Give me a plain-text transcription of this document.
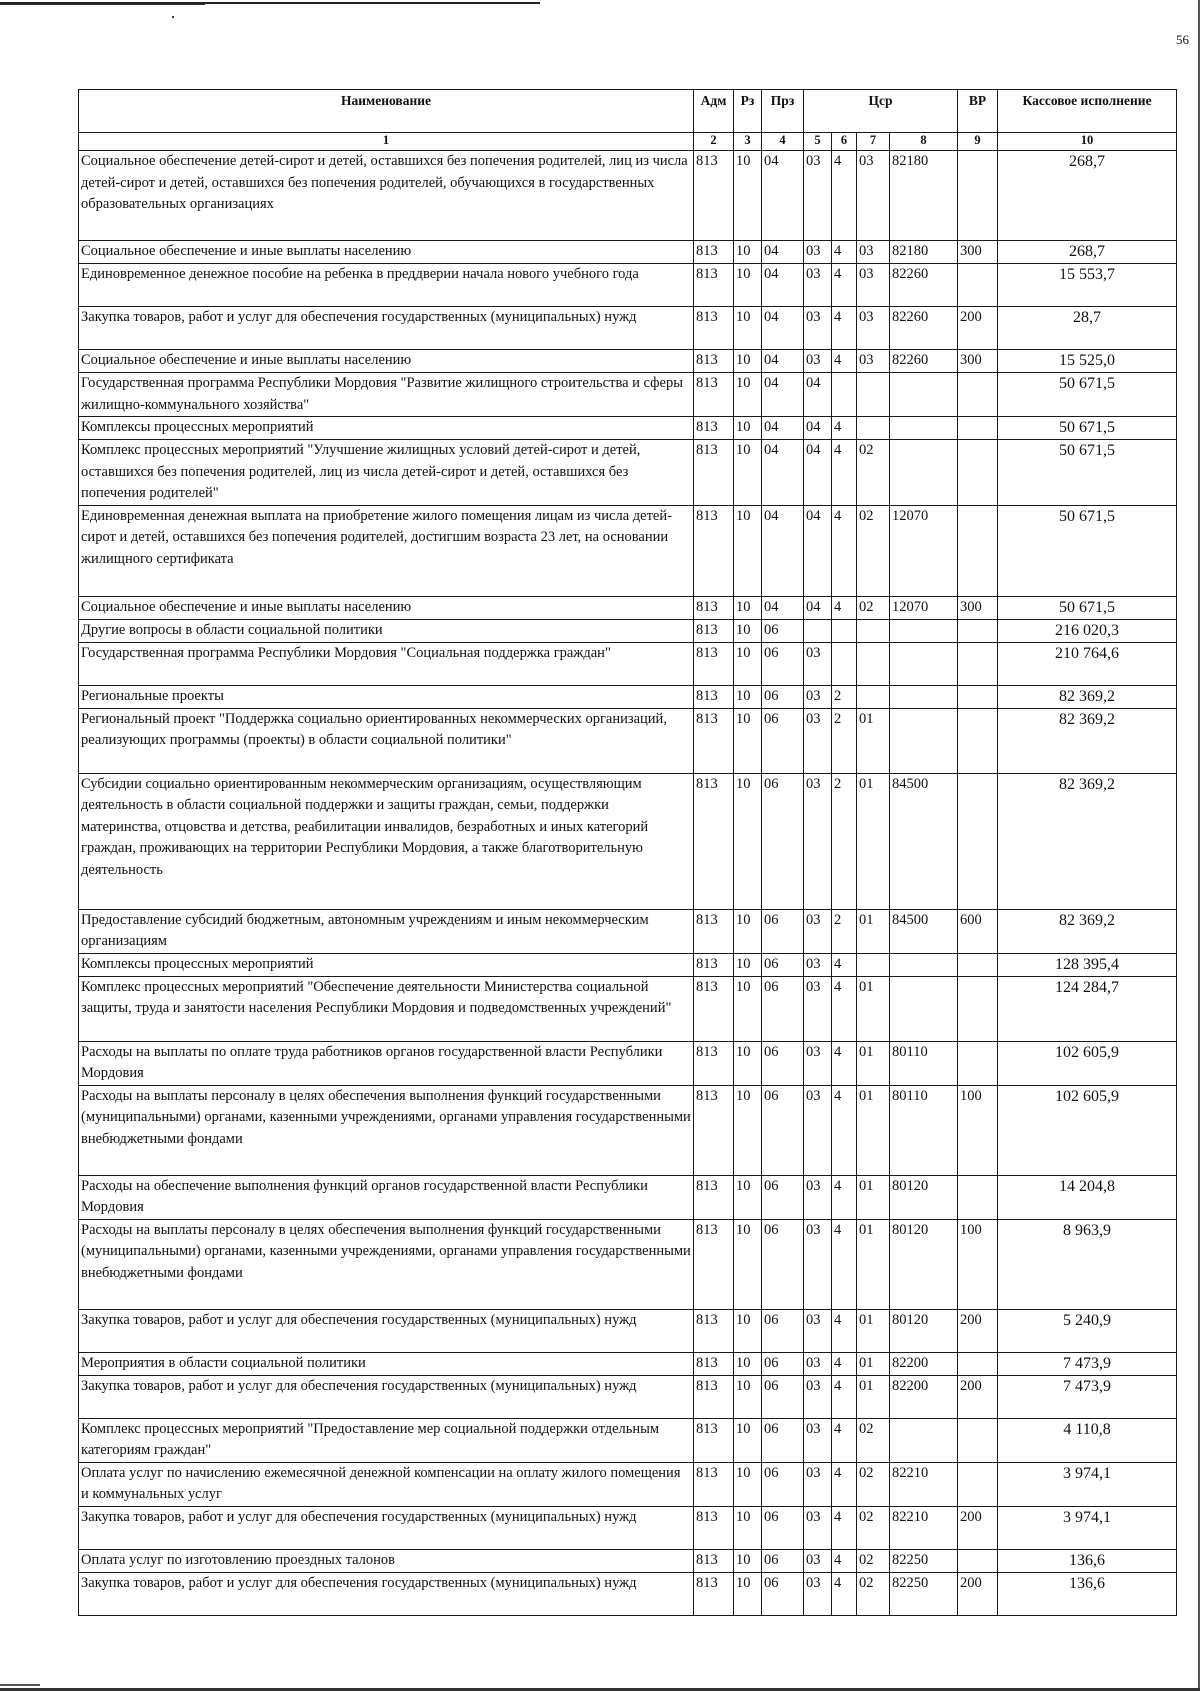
56
Наименование	Адм	Рз	Прз	Цср				ВР	Кассовое исполнение
1	2	3	4	5	6	7	8	9	10
Социальное обеспечение детей-сирот и детей, оставшихся без попечения родителей, лиц из числа детей-сирот и детей, оставшихся без попечения родителей, обучающихся в государственных образовательных организациях	813	10	04	03	4	03	82180		268,7
Социальное обеспечение и иные выплаты населению	813	10	04	03	4	03	82180	300	268,7
Единовременное денежное пособие на ребенка в преддверии начала нового учебного года	813	10	04	03	4	03	82260		15 553,7
Закупка товаров, работ и услуг для обеспечения государственных (муниципальных) нужд	813	10	04	03	4	03	82260	200	28,7
Социальное обеспечение и иные выплаты населению	813	10	04	03	4	03	82260	300	15 525,0
Государственная программа Республики Мордовия "Развитие жилищного строительства и сферы жилищно-коммунального хозяйства"	813	10	04	04					50 671,5
Комплексы процессных мероприятий	813	10	04	04	4				50 671,5
Комплекс процессных мероприятий "Улучшение жилищных условий детей-сирот и детей, оставшихся без попечения родителей, лиц из числа детей-сирот и детей, оставшихся без попечения родителей"	813	10	04	04	4	02			50 671,5
Единовременная денежная выплата на приобретение жилого помещения лицам из числа детей-сирот и детей, оставшихся без попечения родителей, достигшим возраста 23 лет, на основании жилищного сертификата	813	10	04	04	4	02	12070		50 671,5
Социальное обеспечение и иные выплаты населению	813	10	04	04	4	02	12070	300	50 671,5
Другие вопросы в области социальной политики	813	10	06						216 020,3
Государственная программа Республики Мордовия "Социальная поддержка граждан"	813	10	06	03					210 764,6
Региональные проекты	813	10	06	03	2				82 369,2
Региональный проект "Поддержка социально ориентированных некоммерческих организаций, реализующих программы (проекты) в области социальной политики"	813	10	06	03	2	01			82 369,2
Субсидии социально ориентированным некоммерческим организациям, осуществляющим деятельность в области социальной поддержки и защиты граждан, семьи, поддержки материнства, отцовства и детства, реабилитации инвалидов, безработных и иных категорий граждан, проживающих на территории Республики Мордовия, а также благотворительную деятельность	813	10	06	03	2	01	84500		82 369,2
Предоставление субсидий бюджетным, автономным учреждениям и иным некоммерческим организациям	813	10	06	03	2	01	84500	600	82 369,2
Комплексы процессных мероприятий	813	10	06	03	4				128 395,4
Комплекс процессных мероприятий "Обеспечение деятельности Министерства социальной защиты, труда и занятости населения Республики Мордовия и подведомственных учреждений"	813	10	06	03	4	01			124 284,7
Расходы на выплаты по оплате труда работников органов государственной власти Республики Мордовия	813	10	06	03	4	01	80110		102 605,9
Расходы на выплаты персоналу в целях обеспечения выполнения функций государственными (муниципальными) органами, казенными учреждениями, органами управления государственными внебюджетными фондами	813	10	06	03	4	01	80110	100	102 605,9
Расходы на обеспечение выполнения функций органов государственной власти Республики Мордовия	813	10	06	03	4	01	80120		14 204,8
Расходы на выплаты персоналу в целях обеспечения выполнения функций государственными (муниципальными) органами, казенными учреждениями, органами управления государственными внебюджетными фондами	813	10	06	03	4	01	80120	100	8 963,9
Закупка товаров, работ и услуг для обеспечения государственных (муниципальных) нужд	813	10	06	03	4	01	80120	200	5 240,9
Мероприятия в области социальной политики	813	10	06	03	4	01	82200		7 473,9
Закупка товаров, работ и услуг для обеспечения государственных (муниципальных) нужд	813	10	06	03	4	01	82200	200	7 473,9
Комплекс процессных мероприятий "Предоставление мер социальной поддержки отдельным категориям граждан"	813	10	06	03	4	02			4 110,8
Оплата услуг по начислению ежемесячной денежной компенсации на оплату жилого помещения и коммунальных услуг	813	10	06	03	4	02	82210		3 974,1
Закупка товаров, работ и услуг для обеспечения государственных (муниципальных) нужд	813	10	06	03	4	02	82210	200	3 974,1
Оплата услуг по изготовлению проездных талонов	813	10	06	03	4	02	82250		136,6
Закупка товаров, работ и услуг для обеспечения государственных (муниципальных) нужд	813	10	06	03	4	02	82250	200	136,6
